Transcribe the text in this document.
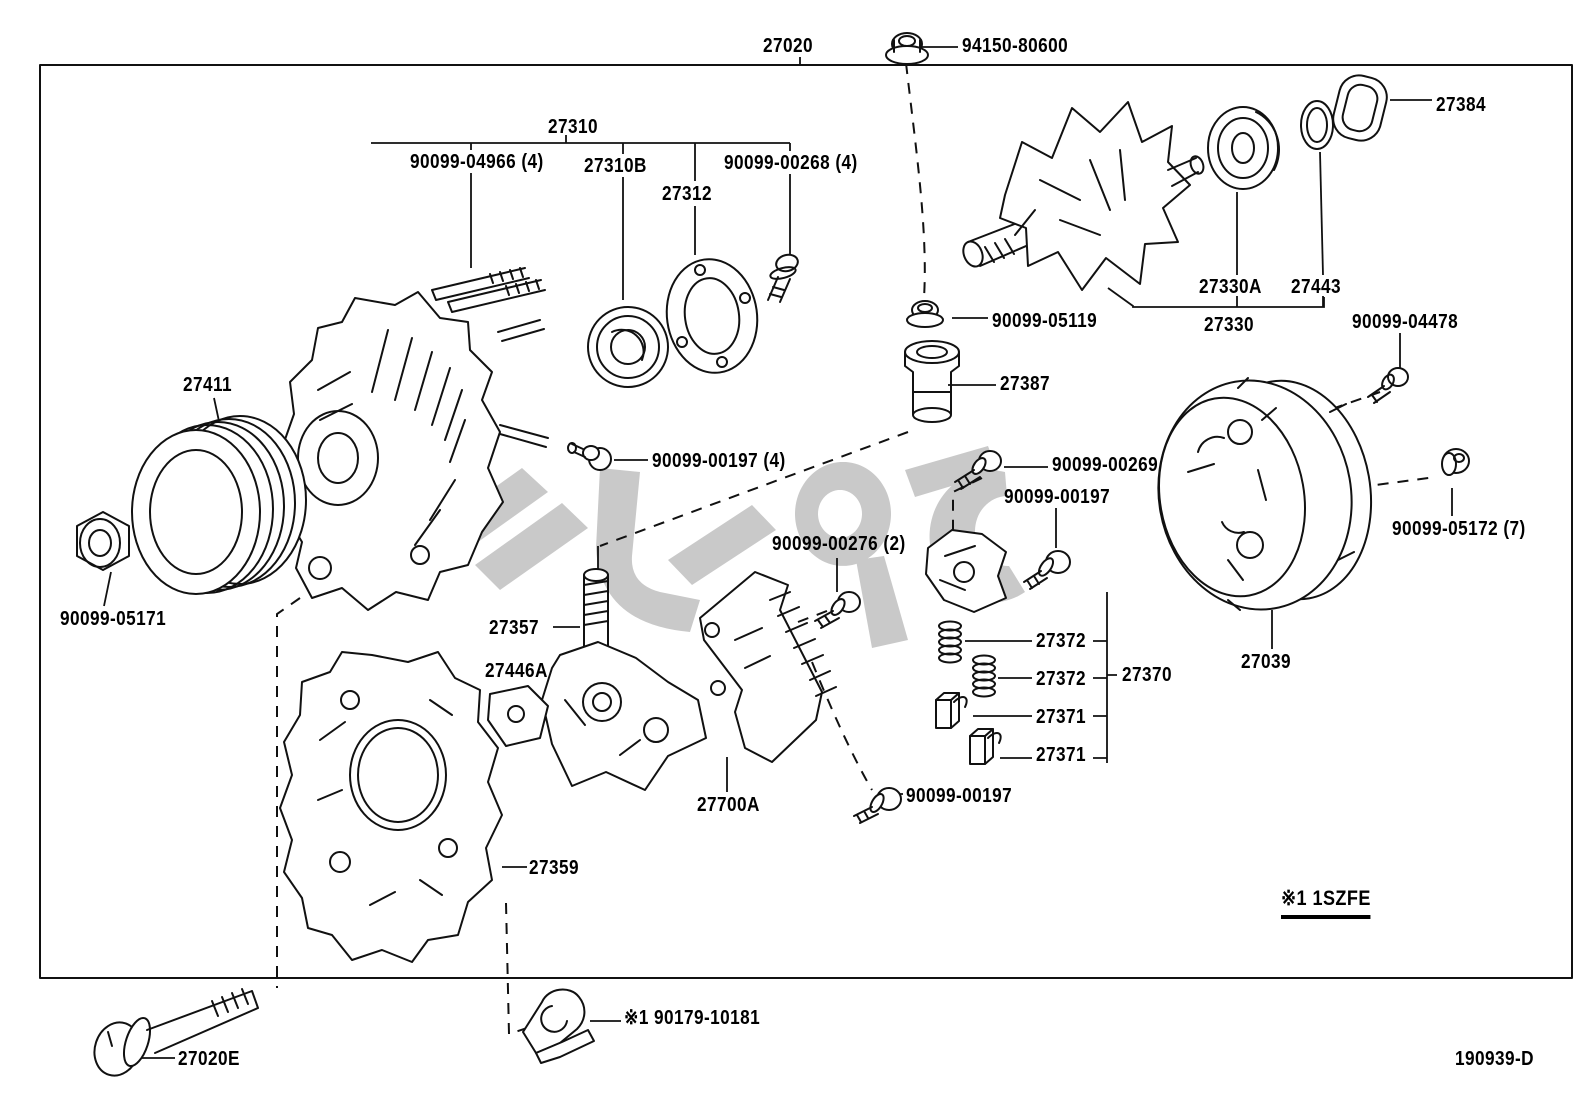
27020	94150-80600
27310
90099-04966 (4) 27310B	90099-00268 (4)
27312
27384
27330A 27443
27330	90099-04478
90099-05119
27387
90099-00197 (4)	90099-00269
90099-00197
90099-05172 (7)
27411
90099-05171
90099-00276 (2)
27357
27446A
27372
27372 27370
27371
27371
27039
27700A	90099-00197
27359
※1 1SZFE
※1 90179-10181
27020E	190939-D
